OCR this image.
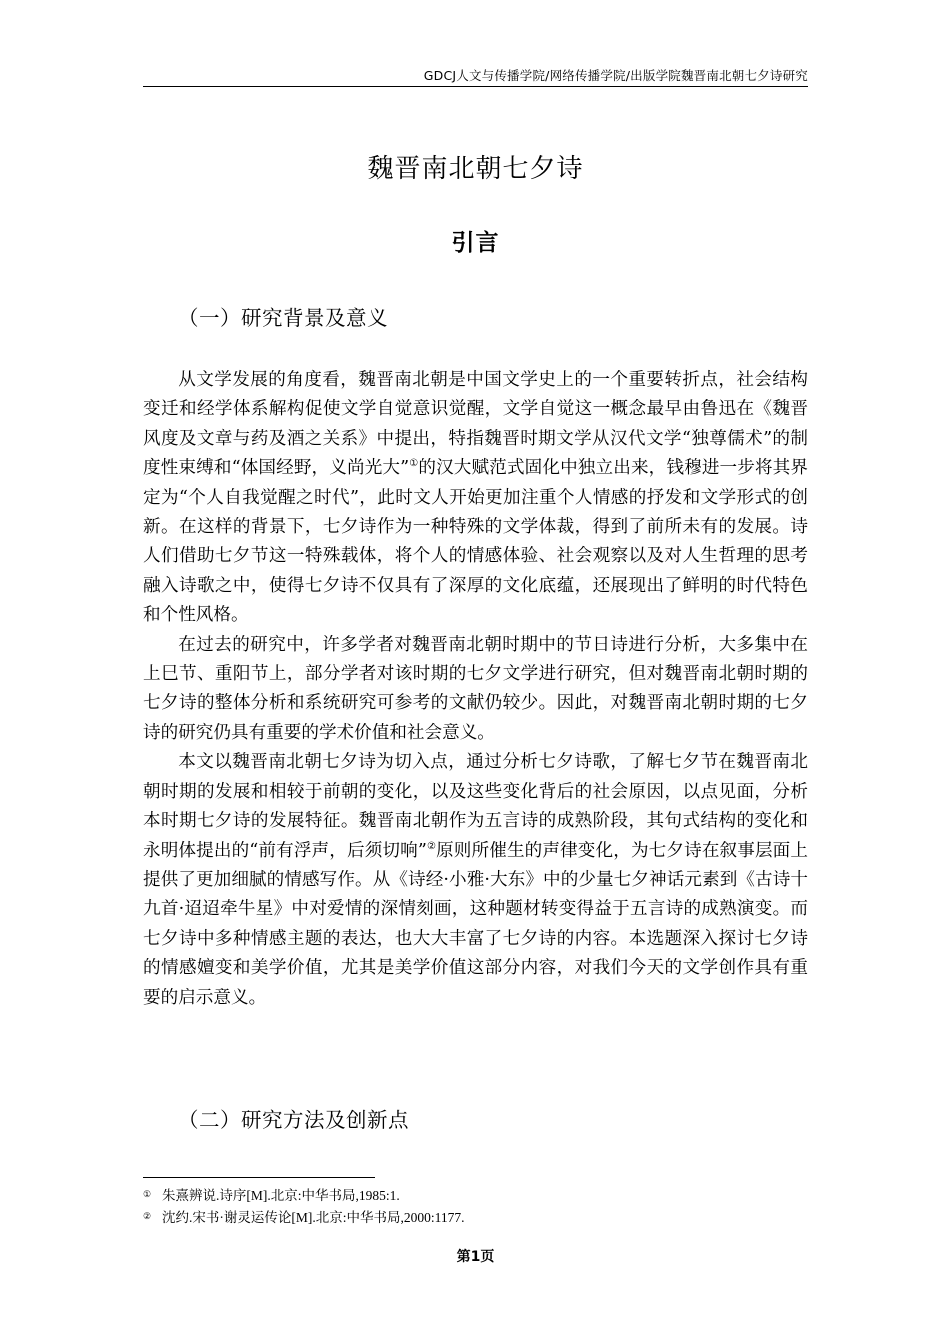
GDCJ人文与传播学院/网络传播学院/出版学院魏晋南北朝七夕诗研究
魏晋南北朝七夕诗
引言
（一）研究背景及意义

从文学发展的角度看，魏晋南北朝是中国文学史上的一个重要转折点，社会结构变迁和经学体系解构促使文学自觉意识觉醒，文学自觉这一概念最早由鲁迅在《魏晋风度及文章与药及酒之关系》中提出，特指魏晋时期文学从汉代文学“独尊儒术”的制度性束缚和“体国经野，义尚光大”①的汉大赋范式固化中独立出来，钱穆进一步将其界定为“个人自我觉醒之时代”，此时文人开始更加注重个人情感的抒发和文学形式的创新。在这样的背景下，七夕诗作为一种特殊的文学体裁，得到了前所未有的发展。诗人们借助七夕节这一特殊载体，将个人的情感体验、社会观察以及对人生哲理的思考融入诗歌之中，使得七夕诗不仅具有了深厚的文化底蕴，还展现出了鲜明的时代特色和个性风格。

在过去的研究中，许多学者对魏晋南北朝时期中的节日诗进行分析，大多集中在上巳节、重阳节上，部分学者对该时期的七夕文学进行研究，但对魏晋南北朝时期的七夕诗的整体分析和系统研究可参考的文献仍较少。因此，对魏晋南北朝时期的七夕诗的研究仍具有重要的学术价值和社会意义。

本文以魏晋南北朝七夕诗为切入点，通过分析七夕诗歌，了解七夕节在魏晋南北朝时期的发展和相较于前朝的变化，以及这些变化背后的社会原因，以点见面，分析本时期七夕诗的发展特征。魏晋南北朝作为五言诗的成熟阶段，其句式结构的变化和永明体提出的“前有浮声，后须切响”②原则所催生的声律变化，为七夕诗在叙事层面上提供了更加细腻的情感写作。从《诗经·小雅·大东》中的少量七夕神话元素到《古诗十九首·迢迢牵牛星》中对爱情的深情刻画，这种题材转变得益于五言诗的成熟演变。而七夕诗中多种情感主题的表达，也大大丰富了七夕诗的内容。本选题深入探讨七夕诗的情感嬗变和美学价值，尤其是美学价值这部分内容，对我们今天的文学创作具有重要的启示意义。

（二）研究方法及创新点
① 朱熹辨说.诗序[M].北京:中华书局,1985:1.
② 沈约.宋书·谢灵运传论[M].北京:中华书局,2000:1177.
第1页
